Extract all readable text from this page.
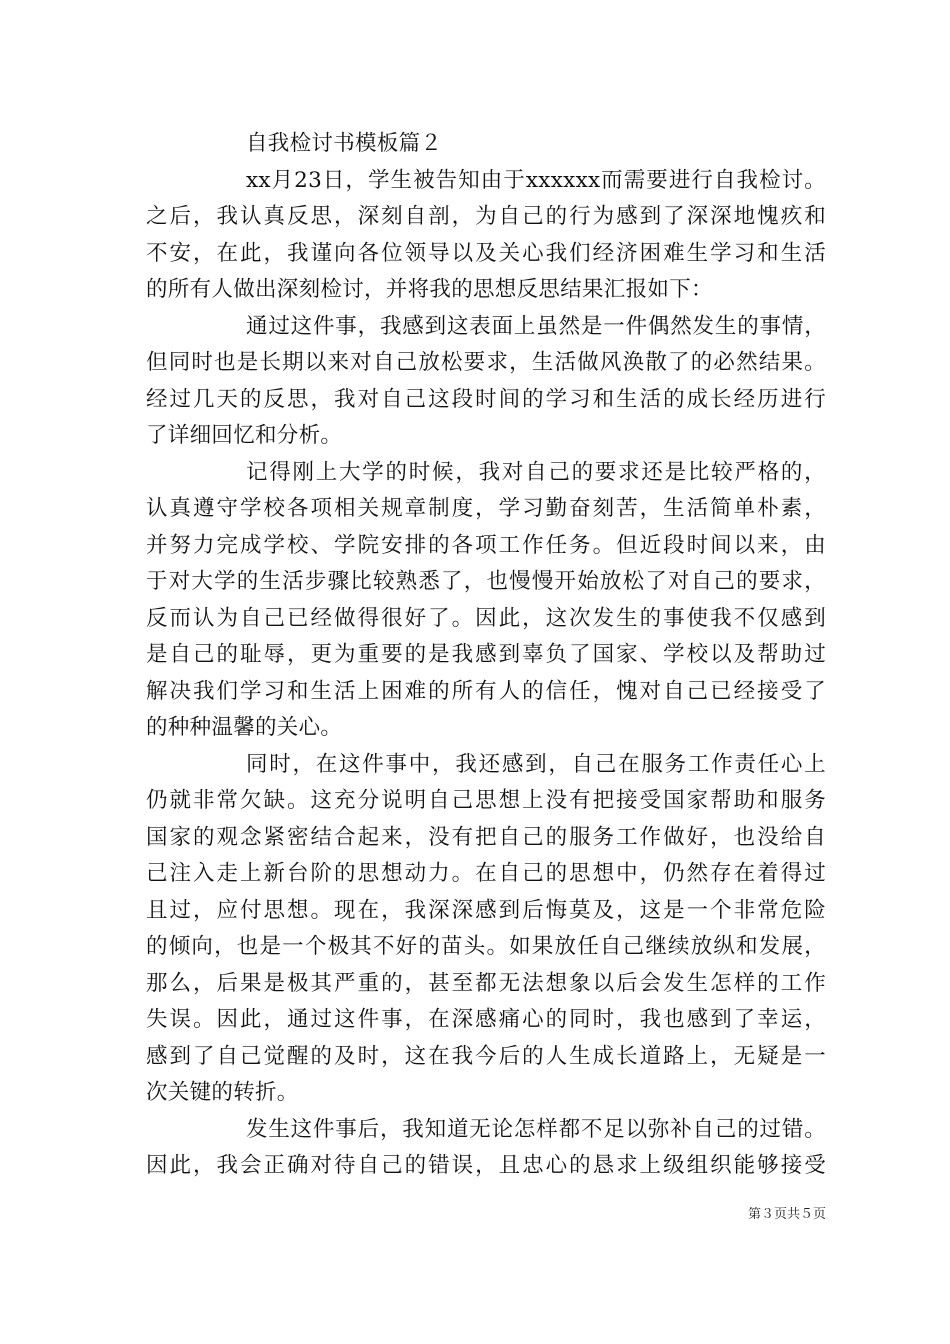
自我检讨书模板篇２
xx月23日，学生被告知由于xxxxxx而需要进行自我检讨。
之后，我认真反思，深刻自剖，为自己的行为感到了深深地愧疚和
不安，在此，我谨向各位领导以及关心我们经济困难生学习和生活
的所有人做出深刻检讨，并将我的思想反思结果汇报如下：
通过这件事，我感到这表面上虽然是一件偶然发生的事情，
但同时也是长期以来对自己放松要求，生活做风涣散了的必然结果。
经过几天的反思，我对自己这段时间的学习和生活的成长经历进行
了详细回忆和分析。
记得刚上大学的时候，我对自己的要求还是比较严格的，
认真遵守学校各项相关规章制度，学习勤奋刻苦，生活简单朴素，
并努力完成学校、学院安排的各项工作任务。但近段时间以来，由
于对大学的生活步骤比较熟悉了，也慢慢开始放松了对自己的要求，
反而认为自己已经做得很好了。因此，这次发生的事使我不仅感到
是自己的耻辱，更为重要的是我感到辜负了国家、学校以及帮助过
解决我们学习和生活上困难的所有人的信任，愧对自己已经接受了
的种种温馨的关心。
同时，在这件事中，我还感到，自己在服务工作责任心上
仍就非常欠缺。这充分说明自己思想上没有把接受国家帮助和服务
国家的观念紧密结合起来，没有把自己的服务工作做好，也没给自
己注入走上新台阶的思想动力。在自己的思想中，仍然存在着得过
且过，应付思想。现在，我深深感到后悔莫及，这是一个非常危险
的倾向，也是一个极其不好的苗头。如果放任自己继续放纵和发展，
那么，后果是极其严重的，甚至都无法想象以后会发生怎样的工作
失误。因此，通过这件事，在深感痛心的同时，我也感到了幸运，
感到了自己觉醒的及时，这在我今后的人生成长道路上，无疑是一
次关键的转折。
发生这件事后，我知道无论怎样都不足以弥补自己的过错。
因此，我会正确对待自己的错误，且忠心的恳求上级组织能够接受
第３页共５页
